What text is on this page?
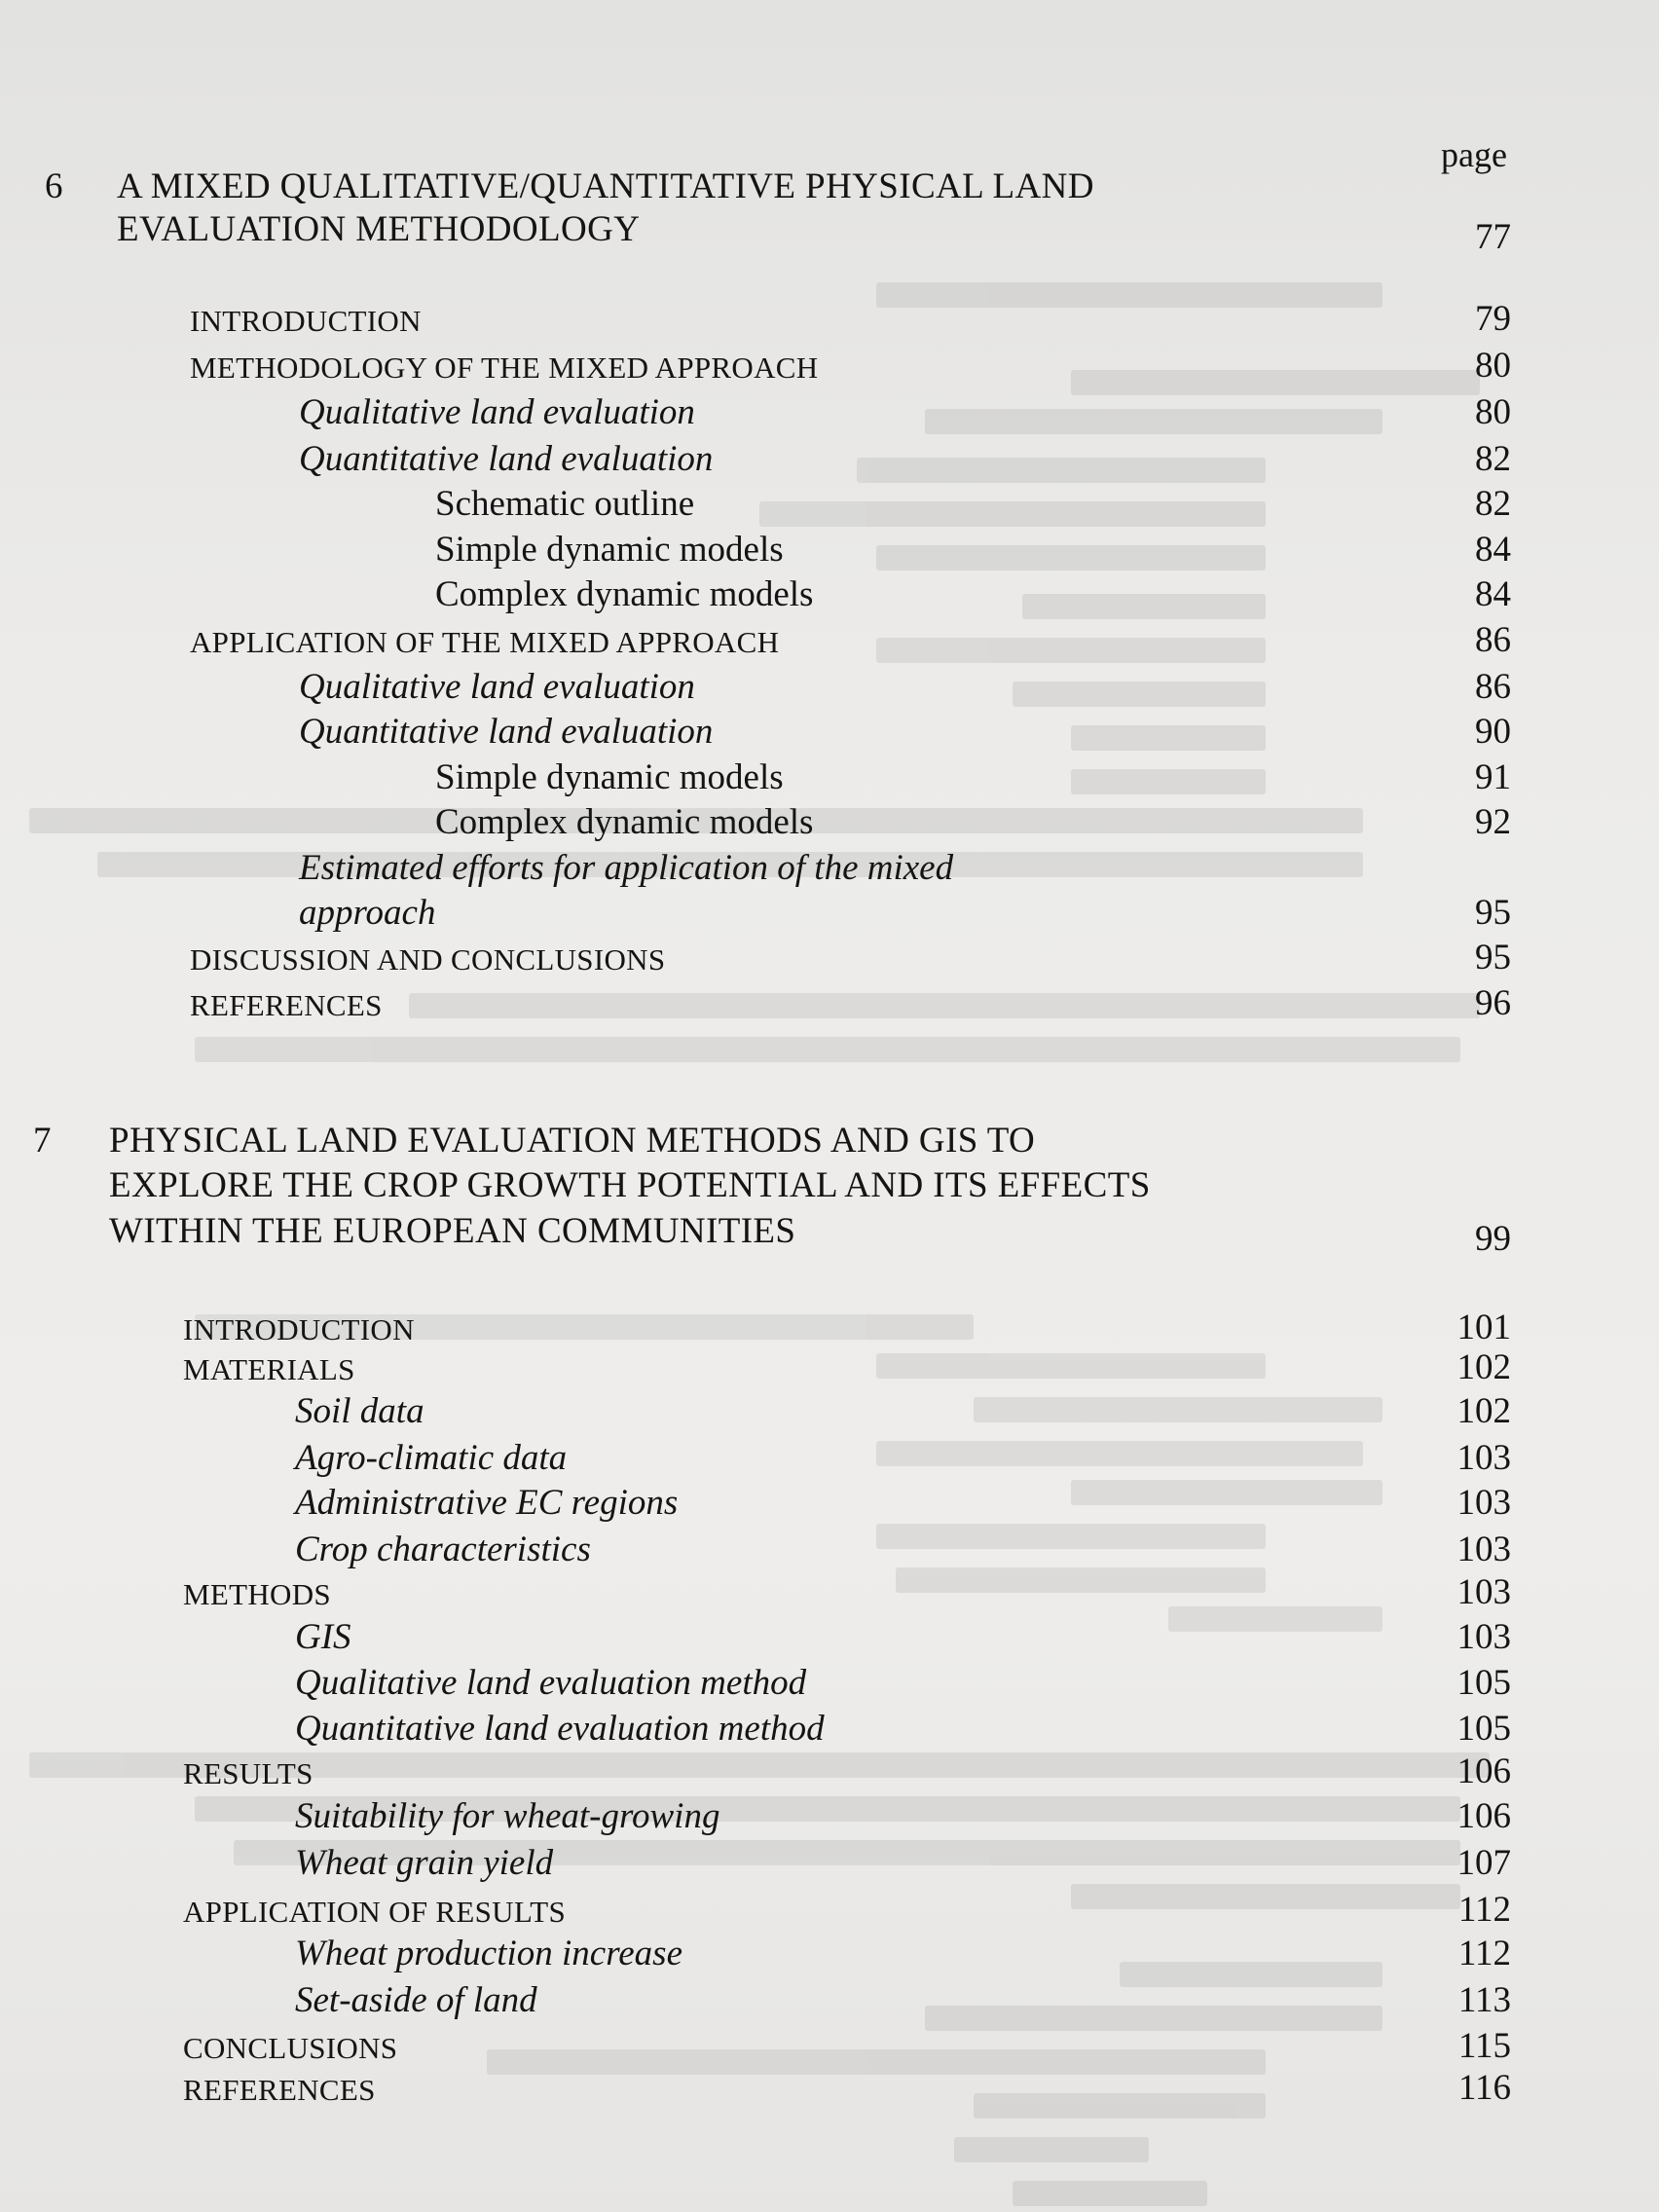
page
6 A MIXED QUALITATIVE/QUANTITATIVE PHYSICAL LAND
EVALUATION METHODOLOGY	77
INTRODUCTION	79
METHODOLOGY OF THE MIXED APPROACH	80
Qualitative land evaluation	80
Quantitative land evaluation	82
Schematic outline	82
Simple dynamic models	84
Complex dynamic models	84
APPLICATION OF THE MIXED APPROACH	86
Qualitative land evaluation	86
Quantitative land evaluation	90
Simple dynamic models	91
Complex dynamic models	92
Estimated efforts for application of the mixed
approach	95
DISCUSSION AND CONCLUSIONS	95
REFERENCES	96
7 PHYSICAL LAND EVALUATION METHODS AND GIS TO
EXPLORE THE CROP GROWTH POTENTIAL AND ITS EFFECTS
WITHIN THE EUROPEAN COMMUNITIES	99
INTRODUCTION	101
MATERIALS	102
Soil data	102
Agro-climatic data	103
Administrative EC regions	103
Crop characteristics	103
METHODS	103
GIS	103
Qualitative land evaluation method	105
Quantitative land evaluation method	105
RESULTS	106
Suitability for wheat-growing	106
Wheat grain yield	107
APPLICATION OF RESULTS	112
Wheat production increase	112
Set-aside of land	113
CONCLUSIONS	115
REFERENCES	116
